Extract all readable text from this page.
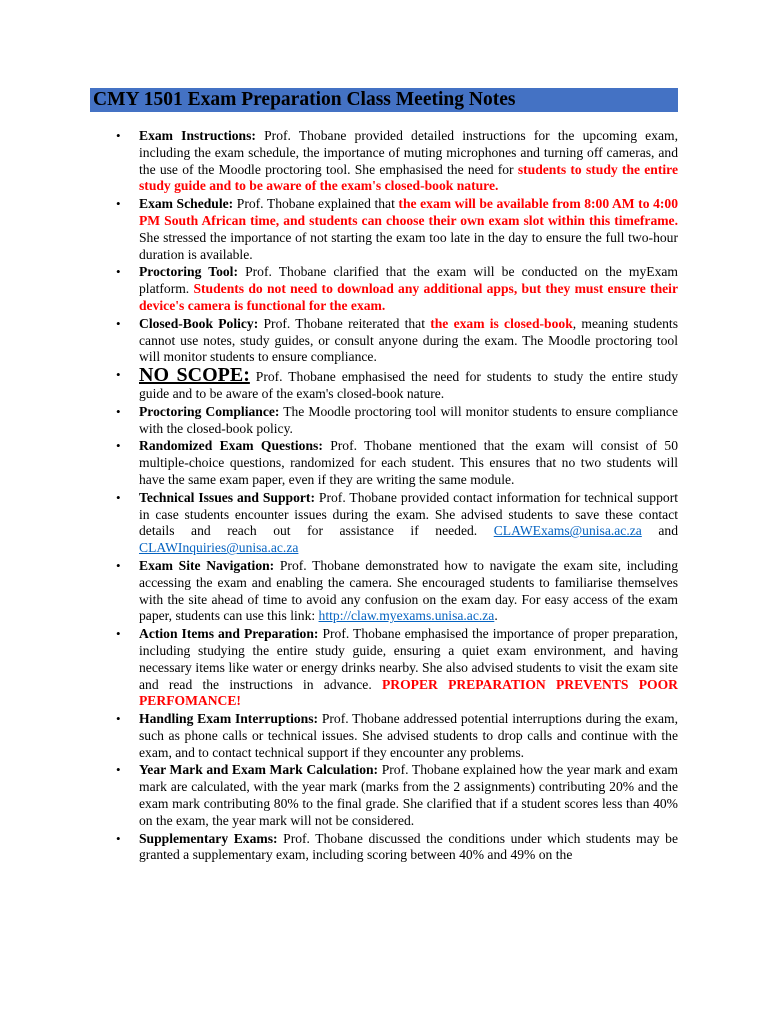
CMY 1501 Exam Preparation Class Meeting Notes
• Exam Instructions: Prof. Thobane provided detailed instructions for the upcoming exam, including the exam schedule, the importance of muting microphones and turning off cameras, and the use of the Moodle proctoring tool. She emphasised the need for students to study the entire study guide and to be aware of the exam's closed-book nature.
• Exam Schedule: Prof. Thobane explained that the exam will be available from 8:00 AM to 4:00 PM South African time, and students can choose their own exam slot within this timeframe. She stressed the importance of not starting the exam too late in the day to ensure the full two-hour duration is available.
• Proctoring Tool: Prof. Thobane clarified that the exam will be conducted on the myExam platform. Students do not need to download any additional apps, but they must ensure their device's camera is functional for the exam.
• Closed-Book Policy: Prof. Thobane reiterated that the exam is closed-book, meaning students cannot use notes, study guides, or consult anyone during the exam. The Moodle proctoring tool will monitor students to ensure compliance.
• NO SCOPE: Prof. Thobane emphasised the need for students to study the entire study guide and to be aware of the exam's closed-book nature.
• Proctoring Compliance: The Moodle proctoring tool will monitor students to ensure compliance with the closed-book policy.
• Randomized Exam Questions: Prof. Thobane mentioned that the exam will consist of 50 multiple-choice questions, randomized for each student. This ensures that no two students will have the same exam paper, even if they are writing the same module.
• Technical Issues and Support: Prof. Thobane provided contact information for technical support in case students encounter issues during the exam. She advised students to save these contact details and reach out for assistance if needed. CLAWExams@unisa.ac.za and CLAWInquiries@unisa.ac.za
• Exam Site Navigation: Prof. Thobane demonstrated how to navigate the exam site, including accessing the exam and enabling the camera. She encouraged students to familiarise themselves with the site ahead of time to avoid any confusion on the exam day. For easy access of the exam paper, students can use this link: http://claw.myexams.unisa.ac.za.
• Action Items and Preparation: Prof. Thobane emphasised the importance of proper preparation, including studying the entire study guide, ensuring a quiet exam environment, and having necessary items like water or energy drinks nearby. She also advised students to visit the exam site and read the instructions in advance. PROPER PREPARATION PREVENTS POOR PERFOMANCE!
• Handling Exam Interruptions: Prof. Thobane addressed potential interruptions during the exam, such as phone calls or technical issues. She advised students to drop calls and continue with the exam, and to contact technical support if they encounter any problems.
• Year Mark and Exam Mark Calculation: Prof. Thobane explained how the year mark and exam mark are calculated, with the year mark (marks from the 2 assignments) contributing 20% and the exam mark contributing 80% to the final grade. She clarified that if a student scores less than 40% on the exam, the year mark will not be considered.
• Supplementary Exams: Prof. Thobane discussed the conditions under which students may be granted a supplementary exam, including scoring between 40% and 49% on the
